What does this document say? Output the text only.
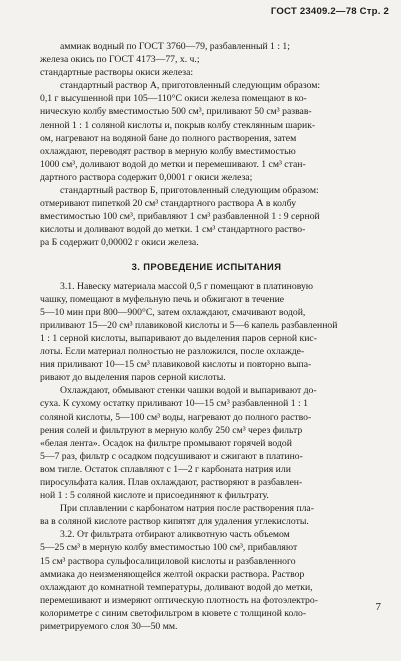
ГОСТ 23409.2—78 Стр. 2
аммиак водный по ГОСТ 3760—79, разбавленный 1 : 1;
железа окись по ГОСТ 4173—77, х. ч.;
стандартные растворы окиси железа:
стандартный раствор А, приготовленный следующим образом:
0,1 г высушенной при 105—110°С окиси железа помещают в ко-
ническую колбу вместимостью 500 см³, приливают 50 см³ развав-
ленной 1 : 1 соляной кислоты и, покрыв колбу стеклянным шарик-
ом, нагревают на водяной бане до полного растворения, затем
охлаждают, переводят раствор в мерную колбу вместимостью
1000 см³, доливают водой до метки и перемешивают. 1 см³ стан-
дартного раствора содержит 0,0001 г окиси железа;
стандартный раствор Б, приготовленный следующим образом:
отмеривают пипеткой 20 см³ стандартного раствора А в колбу
вместимостью 100 см³, прибавляют 1 см³ разбавленной 1 : 9 серной
кислоты и доливают водой до метки. 1 см³ стандартного раство-
ра Б содержит 0,00002 г окиси железа.
3. ПРОВЕДЕНИЕ ИСПЫТАНИЯ
3.1. Навеску материала массой 0,5 г помещают в платиновую
чашку, помещают в муфельную печь и обжигают в течение
5—10 мин при 800—900°С, затем охлаждают, смачивают водой,
приливают 15—20 см³ плавиковой кислоты и 5—6 капель разбавленной
1 : 1 серной кислоты, выпаривают до выделения паров серной кис-
лоты. Если материал полностью не разложился, после охлажде-
ния приливают 10—15 см³ плавиковой кислоты и повторно выпа-
ривают до выделения паров серной кислоты.
Охлаждают, обмывают стенки чашки водой и выпаривают до-
суха. К сухому остатку приливают 10—15 см³ разбавленной 1 : 1
соляной кислоты, 5—100 см³ воды, нагревают до полного раство-
рения солей и фильтруют в мерную колбу 250 см³ через фильтр
«белая лента». Осадок на фильтре промывают горячей водой
5—7 раз, фильтр с осадком подсушивают и сжигают в платино-
вом тигле. Остаток сплавляют с 1—2 г карбоната натрия или
пиросульфата калия. Плав охлаждают, растворяют в разбавлен-
ной 1 : 5 соляной кислоте и присоединяют к фильтрату.
При сплавлении с карбонатом натрия после растворения пла-
ва в соляной кислоте раствор кипятят для удаления углекислоты.
3.2. От фильтрата отбирают аликвотную часть объемом
5—25 см³ в мерную колбу вместимостью 100 см³, прибавляют
15 см³ раствора сульфосалициловой кислоты и разбавленного
аммиака до неизменяющейся желтой окраски раствора. Раствор
охлаждают до комнатной температуры, доливают водой до метки,
перемешивают и измеряют оптическую плотность на фотоэлектро-
колориметре с синим светофильтром в кювете с толщиной коло-
риметрируемого слоя 30—50 мм.
7
